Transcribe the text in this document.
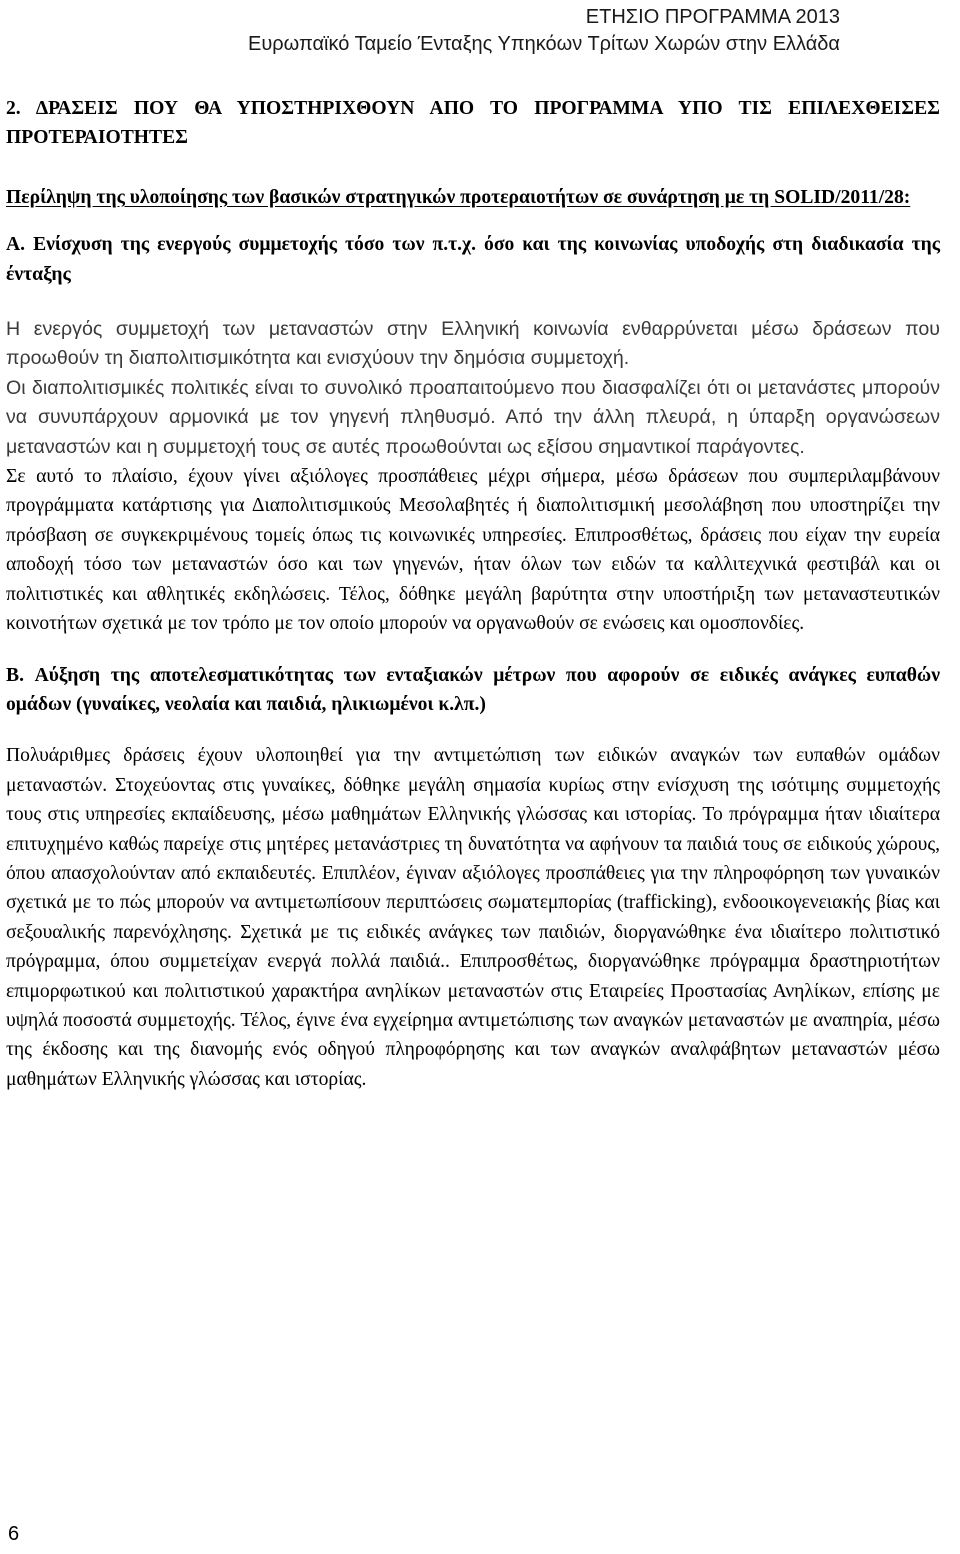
ΕΤΗΣΙΟ ΠΡΟΓΡΑΜΜΑ 2013
Ευρωπαϊκό Ταμείο Ένταξης Υπηκόων Τρίτων Χωρών στην Ελλάδα

2. ΔΡΑΣΕΙΣ ΠΟΥ ΘΑ ΥΠΟΣΤΗΡΙΧΘΟΥΝ ΑΠΟ ΤΟ ΠΡΟΓΡΑΜΜΑ ΥΠΟ ΤΙΣ ΕΠΙΛΕΧΘΕΙΣΕΣ ΠΡΟΤΕΡΑΙΟΤΗΤΕΣ

Περίληψη της υλοποίησης των βασικών στρατηγικών προτεραιοτήτων σε συνάρτηση με τη SOLID/2011/28:

A. Ενίσχυση της ενεργούς συμμετοχής τόσο των π.τ.χ. όσο και της κοινωνίας υποδοχής στη διαδικασία της ένταξης

Η ενεργός συμμετοχή των μεταναστών στην Ελληνική κοινωνία ενθαρρύνεται μέσω δράσεων που προωθούν τη διαπολιτισμικότητα και ενισχύουν την δημόσια συμμετοχή.

Οι διαπολιτισμικές πολιτικές είναι το συνολικό προαπαιτούμενο που διασφαλίζει ότι οι μετανάστες μπορούν να συνυπάρχουν αρμονικά με τον γηγενή πληθυσμό. Από την άλλη πλευρά, η ύπαρξη οργανώσεων μεταναστών και η συμμετοχή τους σε αυτές προωθούνται ως εξίσου σημαντικοί παράγοντες.

Σε αυτό το πλαίσιο, έχουν γίνει αξιόλογες προσπάθειες μέχρι σήμερα, μέσω δράσεων που συμπεριλαμβάνουν προγράμματα κατάρτισης για Διαπολιτισμικούς Μεσολαβητές ή διαπολιτισμική μεσολάβηση που υποστηρίζει την πρόσβαση σε συγκεκριμένους τομείς όπως τις κοινωνικές υπηρεσίες. Επιπροσθέτως, δράσεις που είχαν την ευρεία αποδοχή τόσο των μεταναστών όσο και των γηγενών, ήταν όλων των ειδών τα καλλιτεχνικά φεστιβάλ και οι πολιτιστικές και αθλητικές εκδηλώσεις. Τέλος, δόθηκε μεγάλη βαρύτητα στην υποστήριξη των μεταναστευτικών κοινοτήτων σχετικά με τον τρόπο με τον οποίο μπορούν να οργανωθούν σε ενώσεις και ομοσπονδίες.

B. Αύξηση της αποτελεσματικότητας των ενταξιακών μέτρων που αφορούν σε ειδικές ανάγκες ευπαθών ομάδων (γυναίκες, νεολαία και παιδιά, ηλικιωμένοι κ.λπ.)

Πολυάριθμες δράσεις έχουν υλοποιηθεί για την αντιμετώπιση των ειδικών αναγκών των ευπαθών ομάδων μεταναστών. Στοχεύοντας στις γυναίκες, δόθηκε μεγάλη σημασία κυρίως στην ενίσχυση της ισότιμης συμμετοχής τους στις υπηρεσίες εκπαίδευσης, μέσω μαθημάτων Ελληνικής γλώσσας και ιστορίας. Το πρόγραμμα ήταν ιδιαίτερα επιτυχημένο καθώς παρείχε στις μητέρες μετανάστριες τη δυνατότητα να αφήνουν τα παιδιά τους σε ειδικούς χώρους, όπου απασχολούνταν από εκπαιδευτές. Επιπλέον, έγιναν αξιόλογες προσπάθειες για την πληροφόρηση των γυναικών σχετικά με το πώς μπορούν να αντιμετωπίσουν περιπτώσεις σωματεμπορίας (trafficking), ενδοοικογενειακής βίας και σεξουαλικής παρενόχλησης. Σχετικά με τις ειδικές ανάγκες των παιδιών, διοργανώθηκε ένα ιδιαίτερο πολιτιστικό πρόγραμμα, όπου συμμετείχαν ενεργά πολλά παιδιά.. Επιπροσθέτως, διοργανώθηκε πρόγραμμα δραστηριοτήτων επιμορφωτικού και πολιτιστικού χαρακτήρα ανηλίκων μεταναστών στις Εταιρείες Προστασίας Ανηλίκων, επίσης με υψηλά ποσοστά συμμετοχής. Τέλος, έγινε ένα εγχείρημα αντιμετώπισης των αναγκών μεταναστών με αναπηρία, μέσω της έκδοσης και της διανομής ενός οδηγού πληροφόρησης και των αναγκών αναλφάβητων μεταναστών μέσω μαθημάτων Ελληνικής γλώσσας και ιστορίας.

6
